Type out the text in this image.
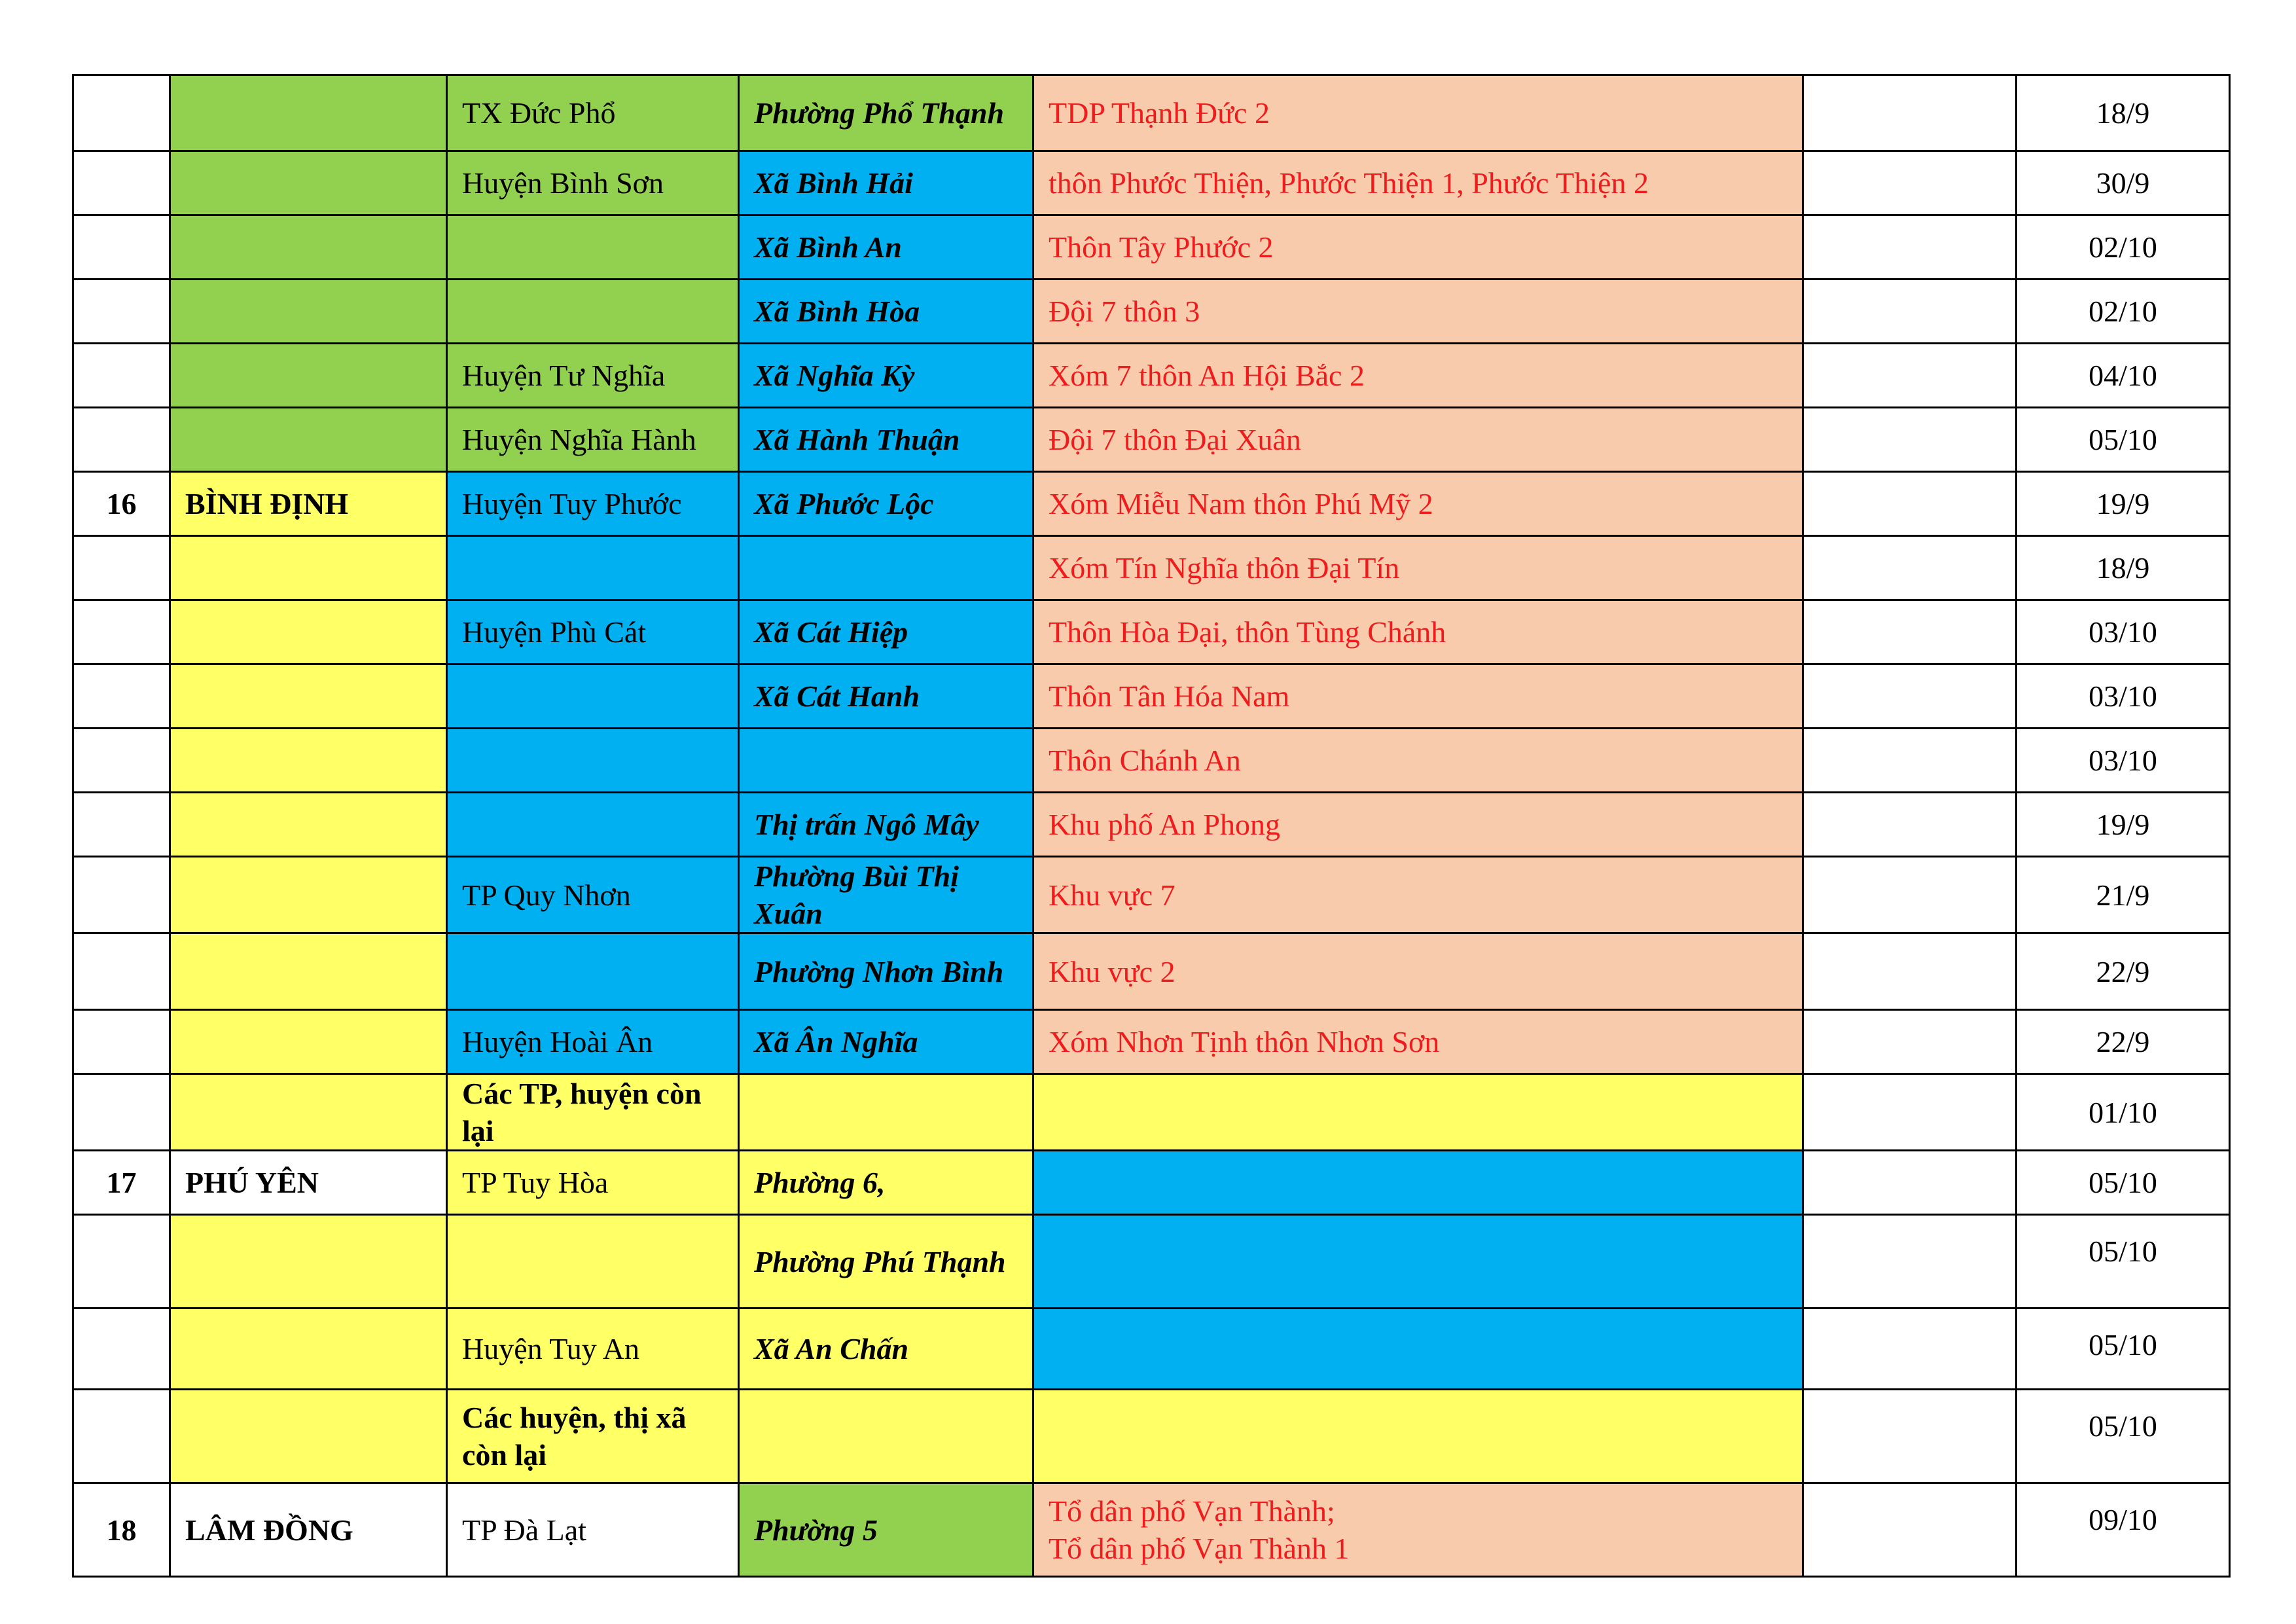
		TX Đức Phổ	Phường Phổ Thạnh	TDP Thạnh Đức 2		18/9
		Huyện Bình Sơn	Xã Bình Hải	thôn Phước Thiện, Phước Thiện 1, Phước Thiện 2		30/9
			Xã Bình An	Thôn Tây Phước 2		02/10
			Xã Bình Hòa	Đội 7 thôn 3		02/10
		Huyện Tư Nghĩa	Xã Nghĩa Kỳ	Xóm 7 thôn An Hội Bắc 2		04/10
		Huyện Nghĩa Hành	Xã Hành Thuận	Đội 7 thôn Đại Xuân		05/10
16	BÌNH ĐỊNH	Huyện Tuy Phước	Xã Phước Lộc	Xóm Miễu Nam thôn Phú Mỹ 2		19/9
				Xóm Tín Nghĩa thôn Đại Tín		18/9
		Huyện Phù Cát	Xã Cát Hiệp	Thôn Hòa Đại, thôn Tùng Chánh		03/10
			Xã Cát Hanh	Thôn Tân Hóa Nam		03/10
				Thôn Chánh An		03/10
			Thị trấn Ngô Mây	Khu phố An Phong		19/9
		TP Quy Nhơn	Phường Bùi Thị Xuân	Khu vực 7		21/9
			Phường Nhơn Bình	Khu vực 2		22/9
		Huyện Hoài Ân	Xã Ân Nghĩa	Xóm Nhơn Tịnh thôn Nhơn Sơn		22/9
		Các TP, huyện còn lại				01/10
17	PHÚ YÊN	TP Tuy Hòa	Phường 6,			05/10
			Phường Phú Thạnh			05/10
		Huyện Tuy An	Xã An Chấn			05/10
		Các huyện, thị xã còn lại				05/10
18	LÂM ĐỒNG	TP Đà Lạt	Phường 5	Tổ dân phố Vạn Thành;
Tổ dân phố Vạn Thành 1		09/10
